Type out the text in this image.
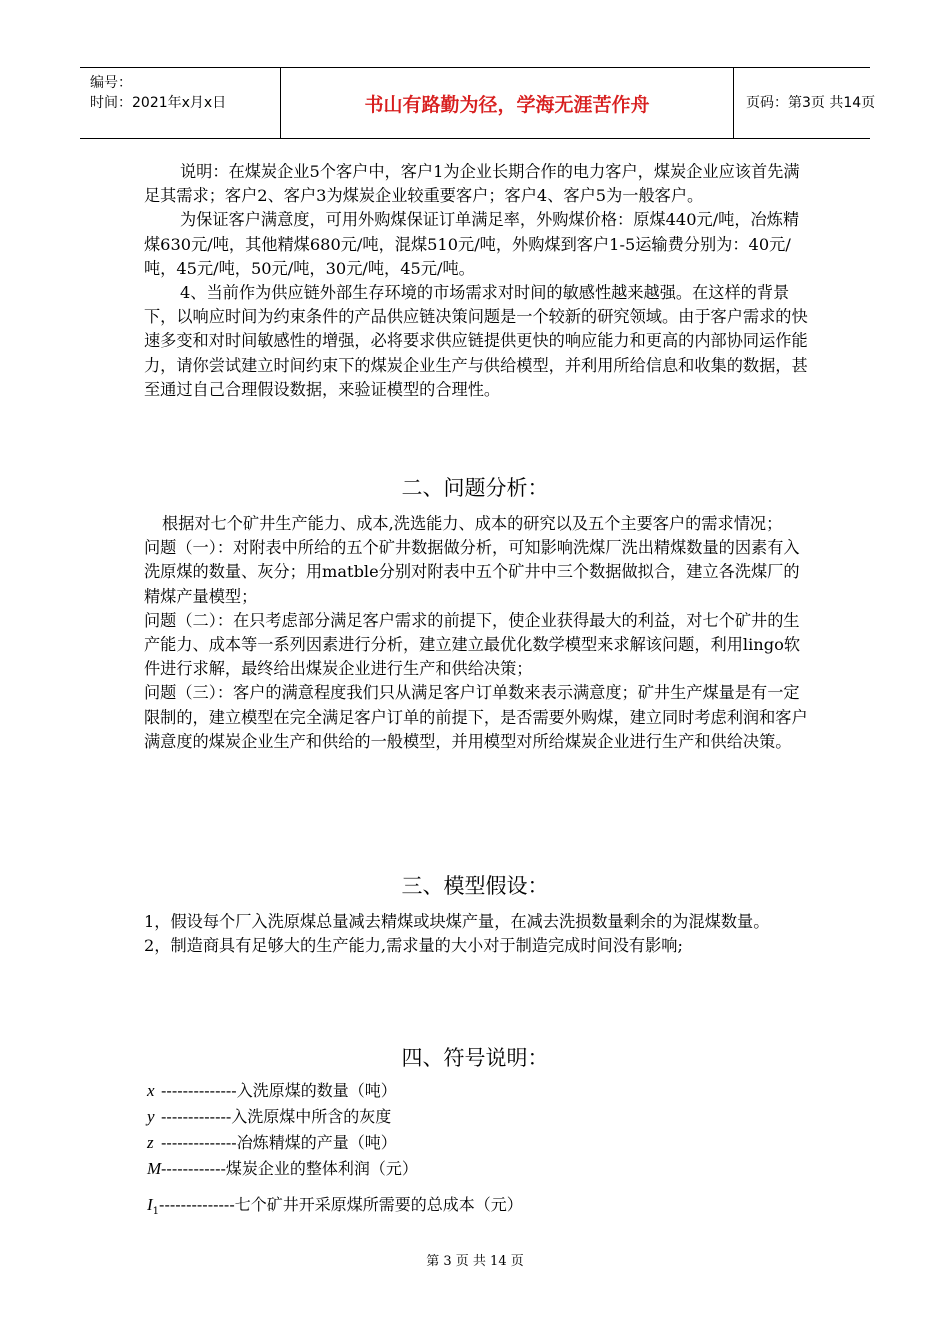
编号：
时间：2021年x月x日	书山有路勤为径，学海无涯苦作舟	页码：第3页 共14页

说明：在煤炭企业5个客户中，客户1为企业长期合作的电力客户，煤炭企业应该首先满足其需求；客户2、客户3为煤炭企业较重要客户；客户4、客户5为一般客户。

为保证客户满意度，可用外购煤保证订单满足率，外购煤价格：原煤440元/吨，冶炼精煤630元/吨，其他精煤680元/吨，混煤510元/吨，外购煤到客户1-5运输费分别为：40元/吨，45元/吨，50元/吨，30元/吨，45元/吨。

4、当前作为供应链外部生存环境的市场需求对时间的敏感性越来越强。在这样的背景下，以响应时间为约束条件的产品供应链决策问题是一个较新的研究领域。由于客户需求的快速多变和对时间敏感性的增强，必将要求供应链提供更快的响应能力和更高的内部协同运作能力，请你尝试建立时间约束下的煤炭企业生产与供给模型，并利用所给信息和收集的数据，甚至通过自己合理假设数据，来验证模型的合理性。

二、问题分析：

根据对七个矿井生产能力、成本,洗选能力、成本的研究以及五个主要客户的需求情况；

问题（一）：对附表中所给的五个矿井数据做分析，可知影响洗煤厂洗出精煤数量的因素有入洗原煤的数量、灰分；用matble分别对附表中五个矿井中三个数据做拟合，建立各洗煤厂的精煤产量模型；

问题（二）：在只考虑部分满足客户需求的前提下，使企业获得最大的利益，对七个矿井的生产能力、成本等一系列因素进行分析，建立建立最优化数学模型来求解该问题，利用lingo软件进行求解，最终给出煤炭企业进行生产和供给决策；

问题（三）：客户的满意程度我们只从满足客户订单数来表示满意度；矿井生产煤量是有一定限制的，建立模型在完全满足客户订单的前提下，是否需要外购煤，建立同时考虑利润和客户满意度的煤炭企业生产和供给的一般模型，并用模型对所给煤炭企业进行生产和供给决策。

三、模型假设：

1，假设每个厂入洗原煤总量减去精煤或块煤产量，在减去洗损数量剩余的为混煤数量。

2，制造商具有足够大的生产能力,需求量的大小对于制造完成时间没有影响;

四、符号说明：
x --------------入洗原煤的数量（吨）
y -------------入洗原煤中所含的灰度
z --------------冶炼精煤的产量（吨）
M------------煤炭企业的整体利润（元）
$I_1--------------$七个矿井开采原煤所需要的总成本（元）
第 3 页 共 14 页
